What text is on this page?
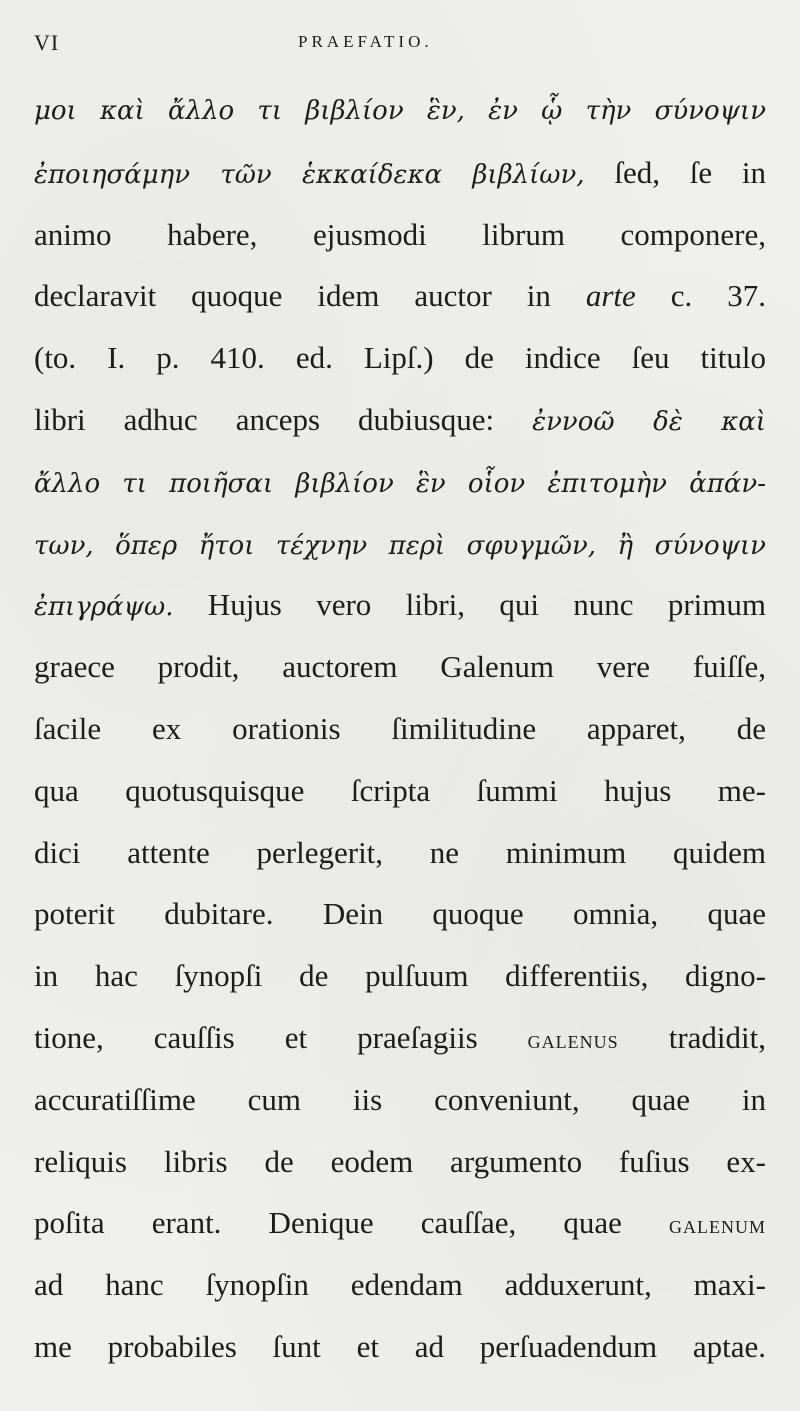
VI	PRAEFATIO.
μοι καὶ ἄλλο τι βιβλίον ἓν, ἐν ᾧ τὴν σύνοψιν
ἐποιησάμην τῶν ἑκκαίδεκα βιβλίων, ſed, ſe in
animo habere, ejusmodi librum componere,
declaravit quoque idem auctor in arte c. 37.
(to. I. p. 410. ed. Lipſ.) de indice ſeu titulo
libri adhuc anceps dubiusque: ἐννοῶ δὲ καὶ
ἄλλο τι ποιῆσαι βιβλίον ἓν οἷον ἐπιτομὴν ἁπάν-
των, ὅπερ ἤτοι τέχνην περὶ σφυγμῶν, ἢ σύνοψιν
ἐπιγράψω. Hujus vero libri, qui nunc primum
graece prodit, auctorem Galenum vere fuiſſe,
ſacile ex orationis ſimilitudine apparet, de
qua quotusquisque ſcripta ſummi hujus me-
dici attente perlegerit, ne minimum quidem
poterit dubitare. Dein quoque omnia, quae
in hac ſynopſi de pulſuum differentiis, digno-
tione, cauſſis et praeſagiis galenus tradidit,
accuratiſſime cum iis conveniunt, quae in
reliquis libris de eodem argumento fuſius ex-
poſita erant. Denique cauſſae, quae galenum
ad hanc ſynopſin edendam adduxerunt, maxi-
me probabiles ſunt et ad perſuadendum aptae.
